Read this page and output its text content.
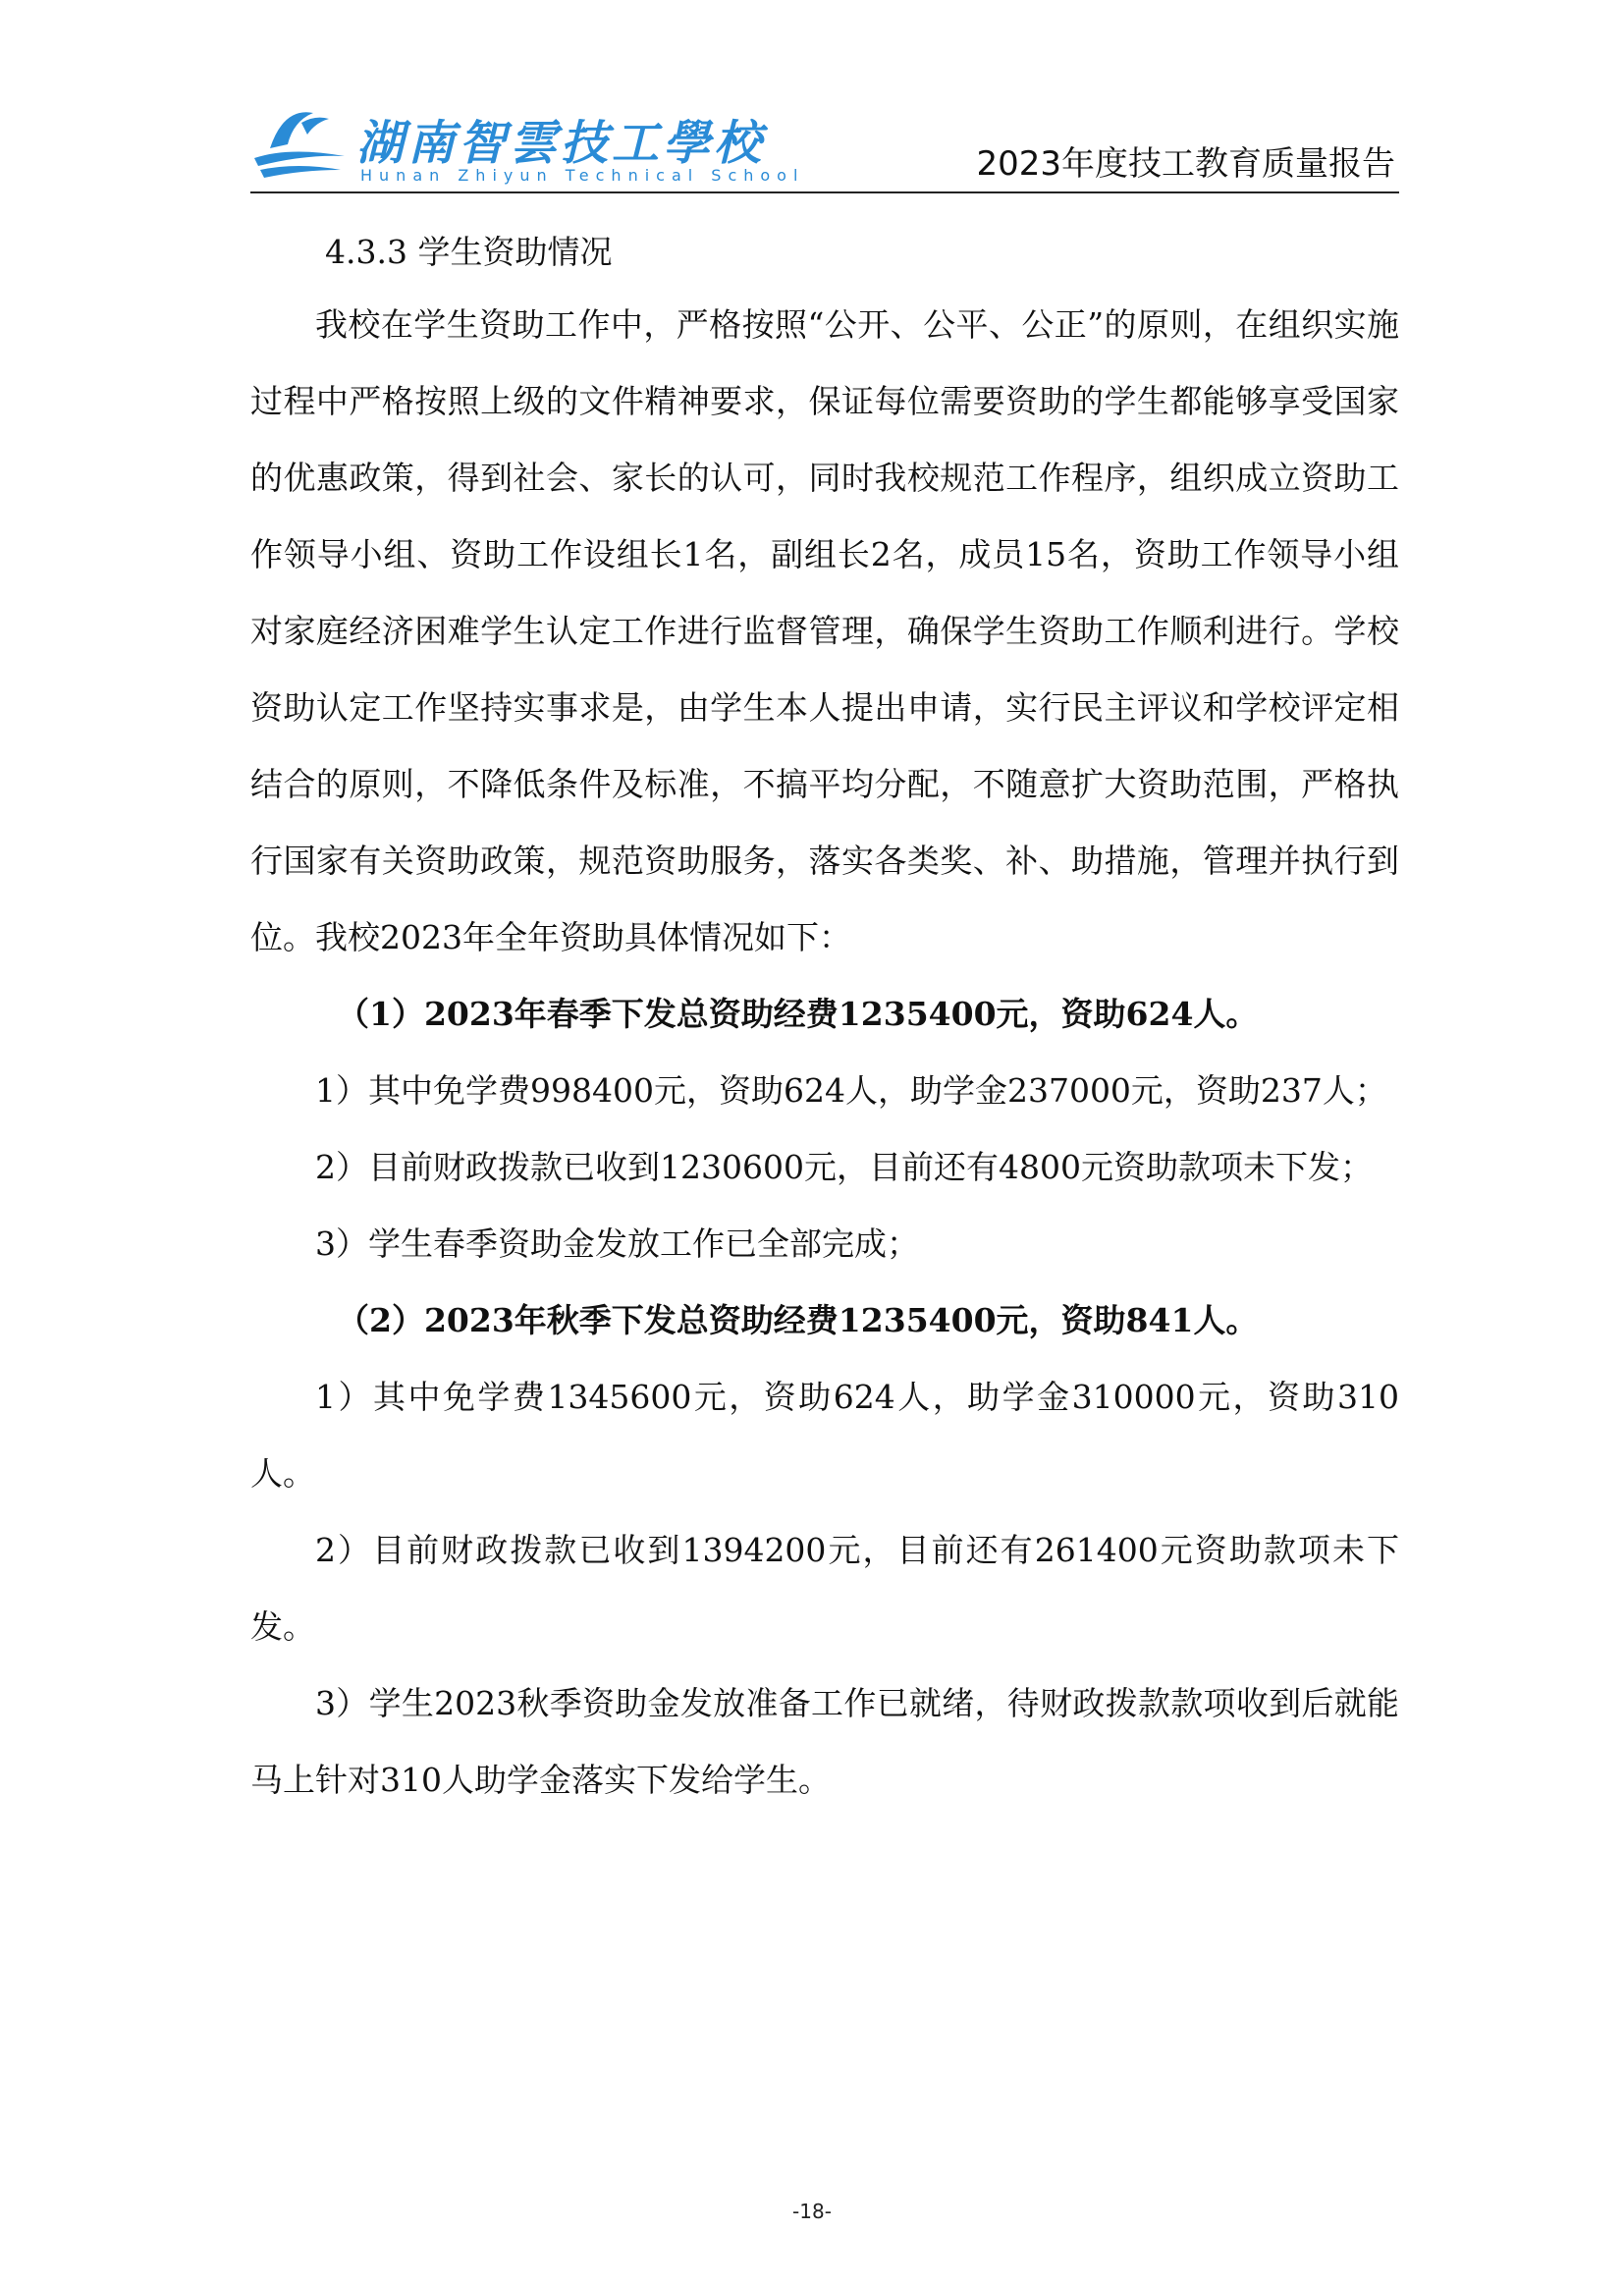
湖南智雲技工學校
Hunan Zhiyun Technical School	2023年度技工教育质量报告
4.3.3 学生资助情况

我校在学生资助工作中，严格按照“公开、公平、公正”的原则，在组织实施过程中严格按照上级的文件精神要求，保证每位需要资助的学生都能够享受国家的优惠政策，得到社会、家长的认可，同时我校规范工作程序，组织成立资助工作领导小组、资助工作设组长1名，副组长2名，成员15名，资助工作领导小组对家庭经济困难学生认定工作进行监督管理，确保学生资助工作顺利进行。学校资助认定工作坚持实事求是，由学生本人提出申请，实行民主评议和学校评定相结合的原则，不降低条件及标准，不搞平均分配，不随意扩大资助范围，严格执行国家有关资助政策，规范资助服务，落实各类奖、补、助措施，管理并执行到位。我校2023年全年资助具体情况如下：

（1）2023年春季下发总资助经费1235400元，资助624人。

1）其中免学费998400元，资助624人，助学金237000元，资助237人；

2）目前财政拨款已收到1230600元，目前还有4800元资助款项未下发；

3）学生春季资助金发放工作已全部完成；

（2）2023年秋季下发总资助经费1235400元，资助841人。

1）其中免学费1345600元，资助624人，助学金310000元，资助310人。

2）目前财政拨款已收到1394200元，目前还有261400元资助款项未下发。

3）学生2023秋季资助金发放准备工作已就绪，待财政拨款款项收到后就能马上针对310人助学金落实下发给学生。

-18-
